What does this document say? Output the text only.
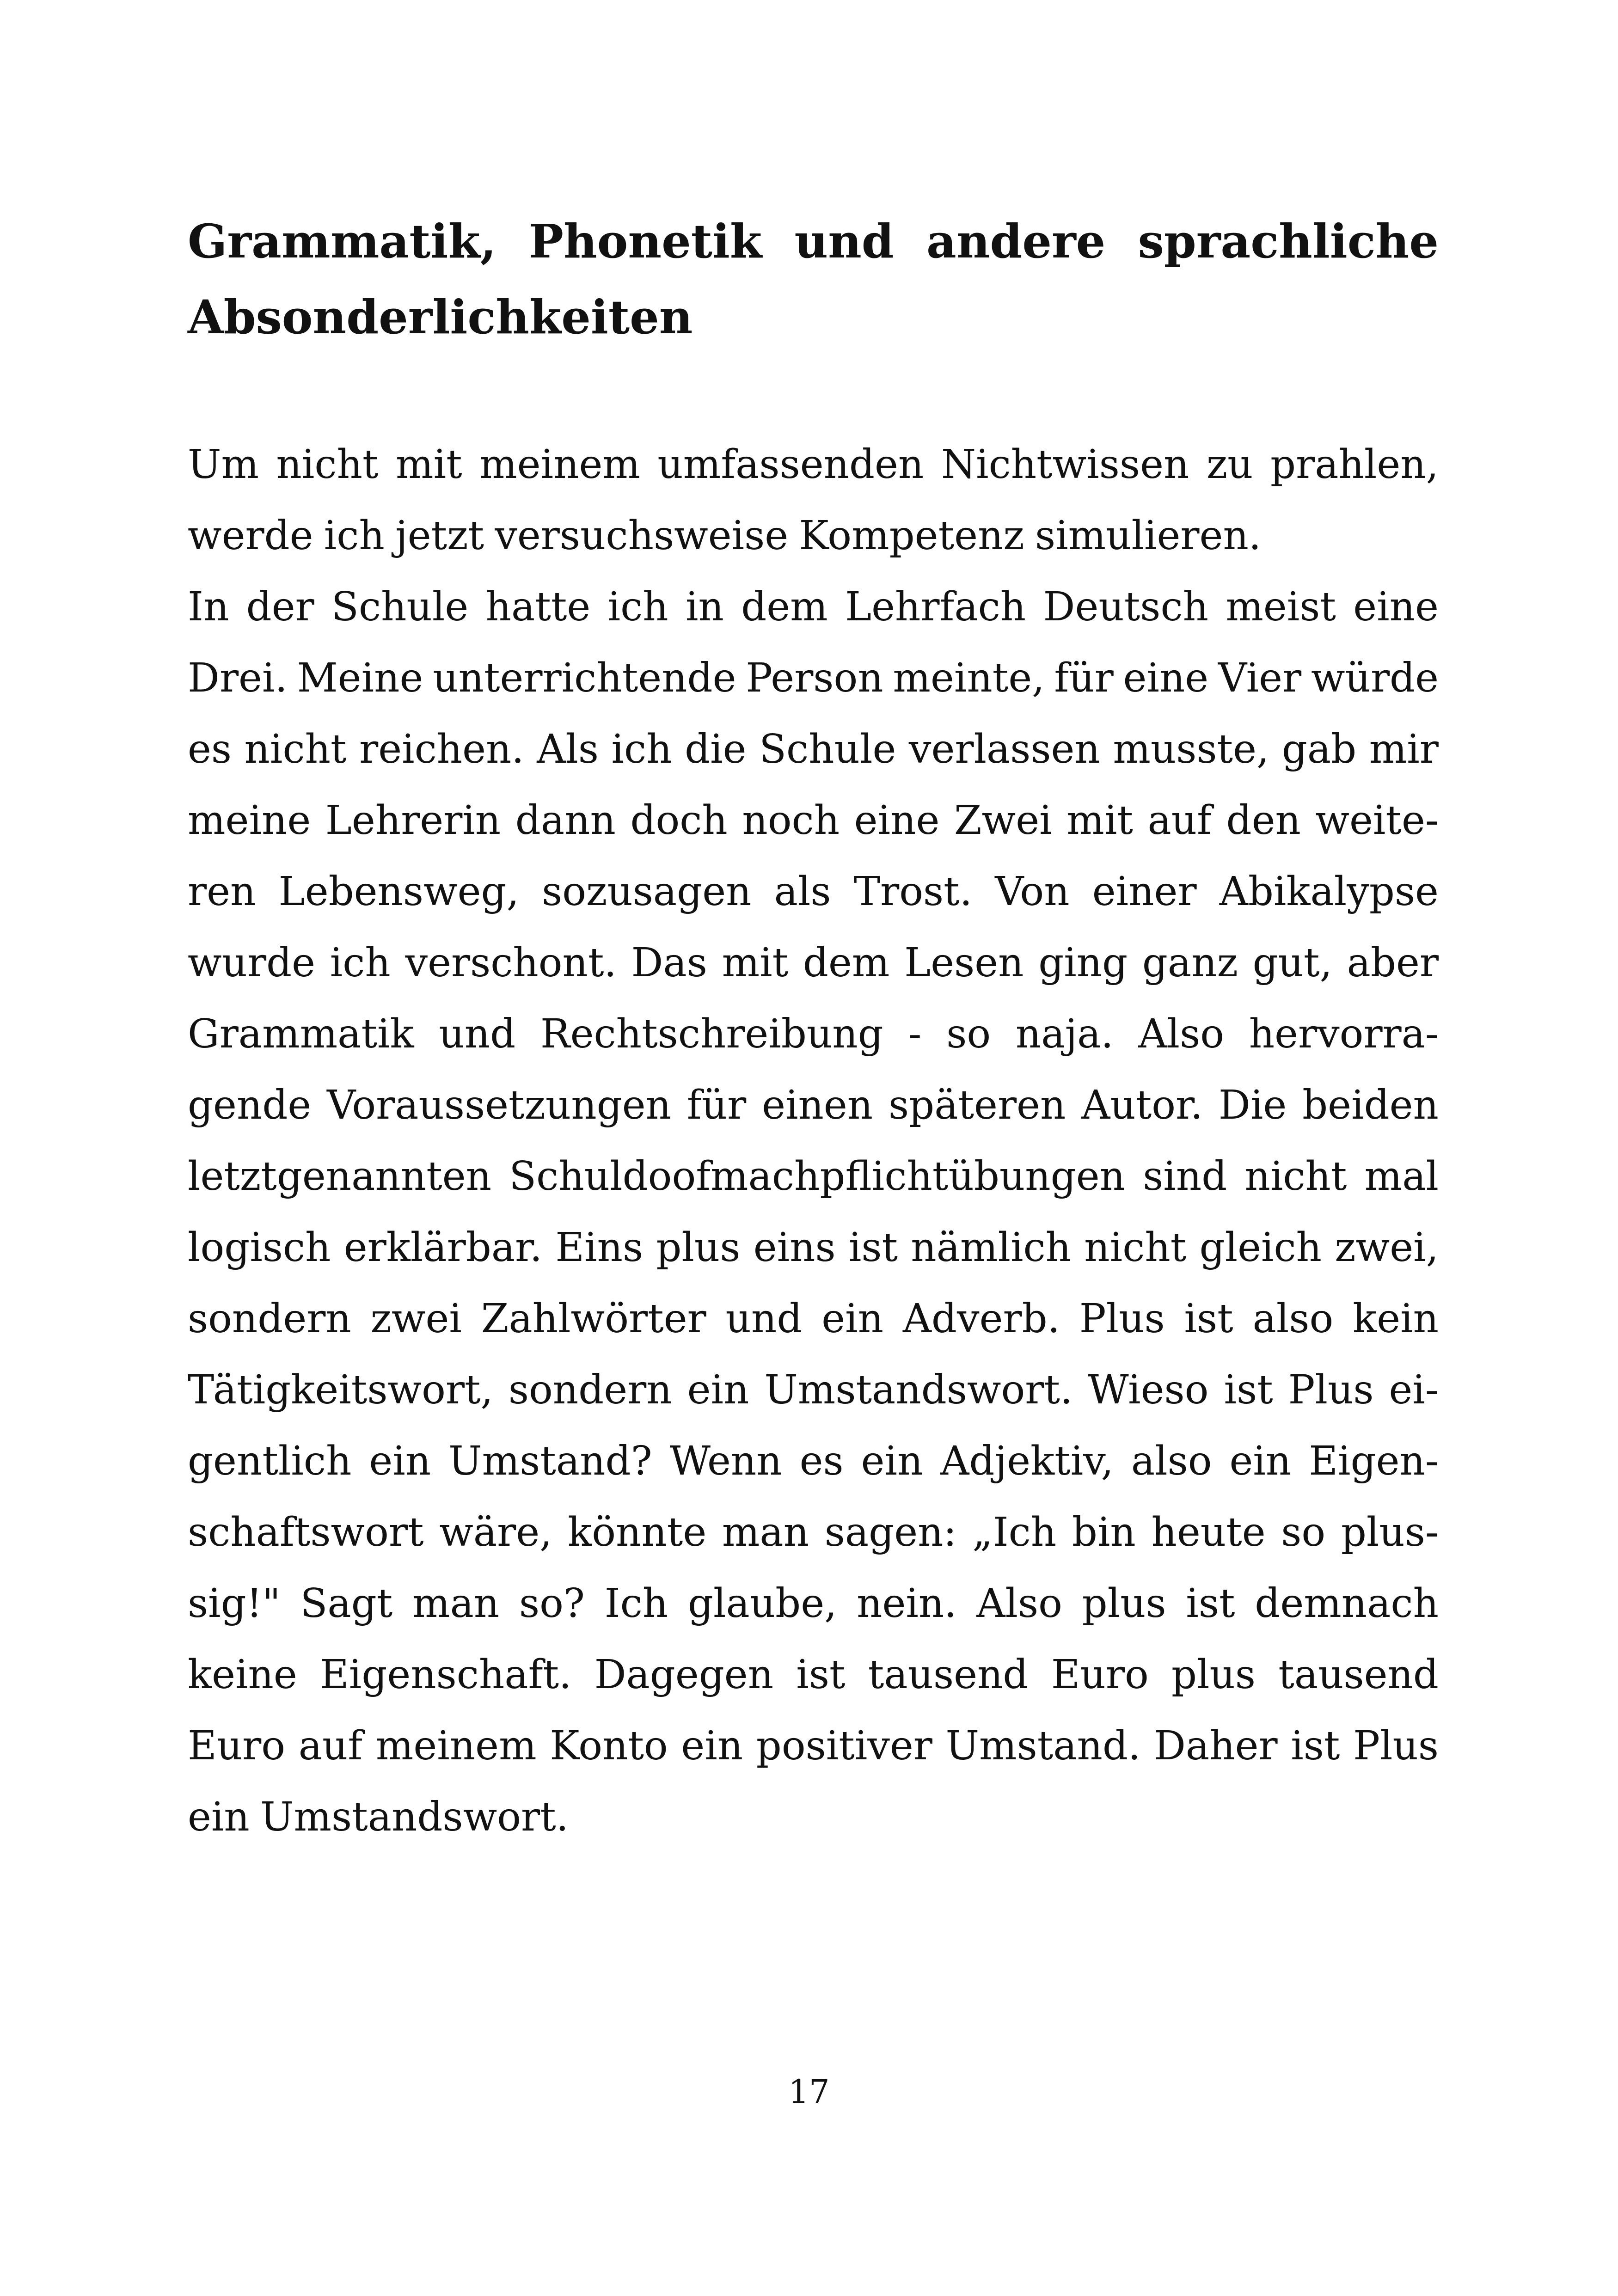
Grammatik, Phonetik und andere sprachliche
Absonderlichkeiten
Um nicht mit meinem umfassenden Nichtwissen zu prahlen,
werde ich jetzt versuchsweise Kompetenz simulieren.
In der Schule hatte ich in dem Lehrfach Deutsch meist eine
Drei. Meine unterrichtende Person meinte, für eine Vier würde
es nicht reichen. Als ich die Schule verlassen musste, gab mir
meine Lehrerin dann doch noch eine Zwei mit auf den weite-
ren Lebensweg, sozusagen als Trost. Von einer Abikalypse
wurde ich verschont. Das mit dem Lesen ging ganz gut, aber
Grammatik und Rechtschreibung - so naja. Also hervorra-
gende Voraussetzungen für einen späteren Autor. Die beiden
letztgenannten Schuldoofmachpflichtübungen sind nicht mal
logisch erklärbar. Eins plus eins ist nämlich nicht gleich zwei,
sondern zwei Zahlwörter und ein Adverb. Plus ist also kein
Tätigkeitswort, sondern ein Umstandswort. Wieso ist Plus ei-
gentlich ein Umstand? Wenn es ein Adjektiv, also ein Eigen-
schaftswort wäre, könnte man sagen: „Ich bin heute so plus-
sig!" Sagt man so? Ich glaube, nein. Also plus ist demnach
keine Eigenschaft. Dagegen ist tausend Euro plus tausend
Euro auf meinem Konto ein positiver Umstand. Daher ist Plus
ein Umstandswort.
17
